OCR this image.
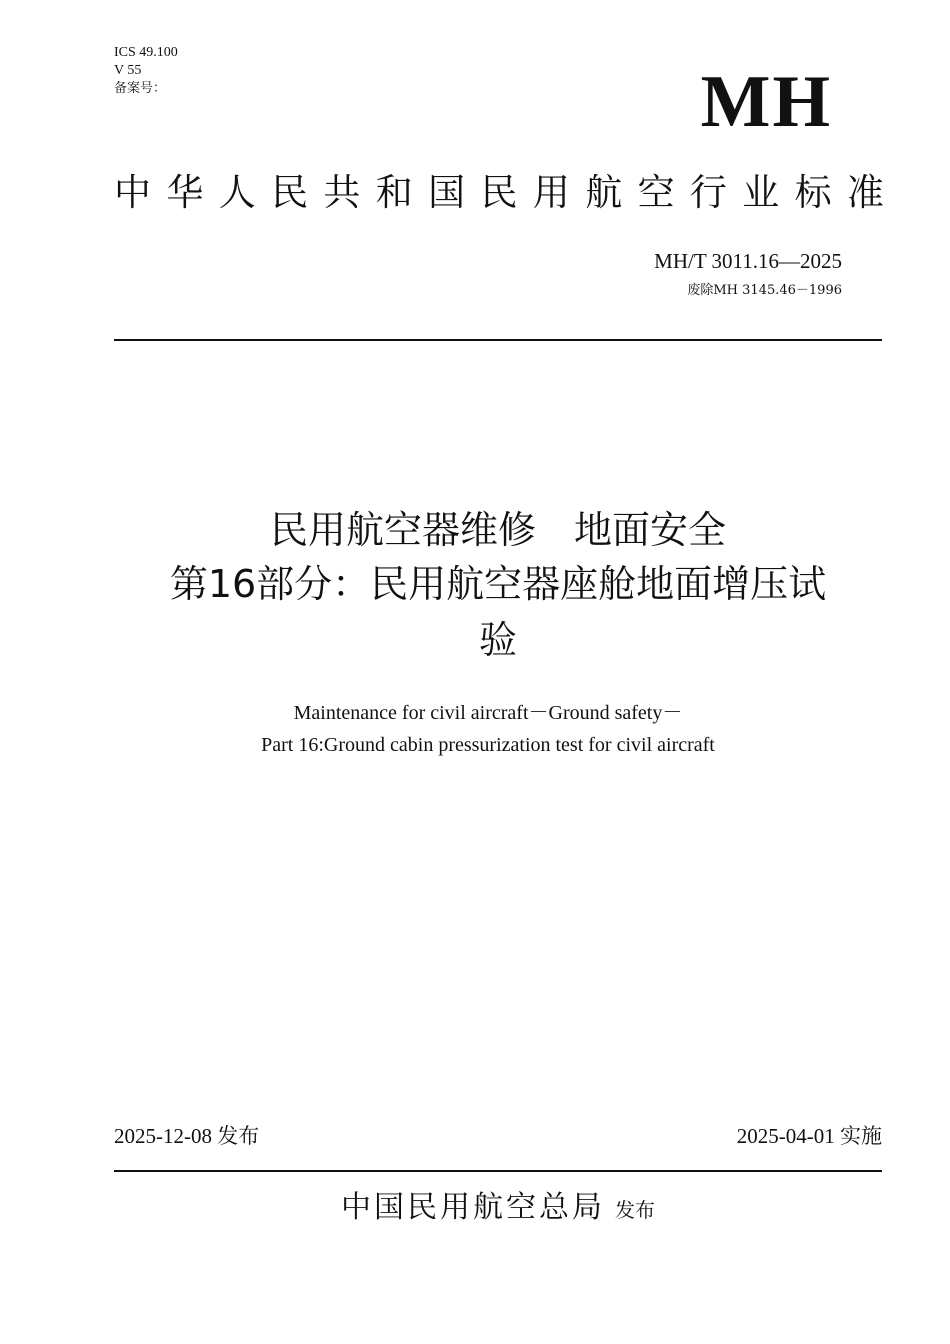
ICS 49.100
V 55
备案号：	MH
中华人民共和国民用航空行业标准
MH/T 3011.16—2025
废除MH 3145.46－1996
民用航空器维修　地面安全
第16部分：民用航空器座舱地面增压试
验
Maintenance for civil aircraft－Ground safety－
Part 16:Ground cabin pressurization test for civil aircraft
2025-12-08 发布	2025-04-01 实施
中国民用航空总局 发布
